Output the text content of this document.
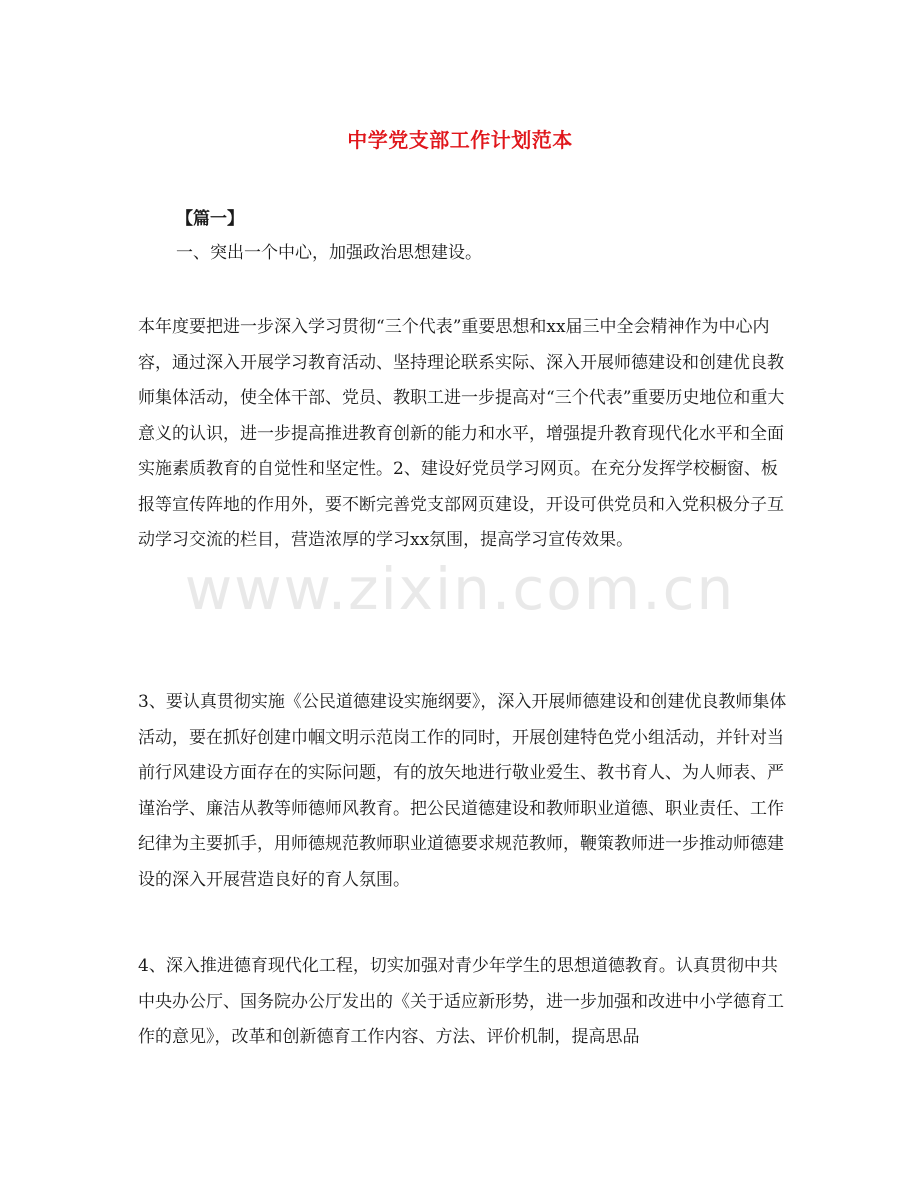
www.zixin.com.cn
中学党支部工作计划范本
【篇一】
一、突出一个中心，加强政治思想建设。

本年度要把进一步深入学习贯彻“三个代表”重要思想和xx届三中全会精神作为中心内容，通过深入开展学习教育活动、坚持理论联系实际、深入开展师德建设和创建优良教师集体活动，使全体干部、党员、教职工进一步提高对“三个代表”重要历史地位和重大意义的认识，进一步提高推进教育创新的能力和水平，增强提升教育现代化水平和全面实施素质教育的自觉性和坚定性。2、建设好党员学习网页。在充分发挥学校橱窗、板报等宣传阵地的作用外，要不断完善党支部网页建设，开设可供党员和入党积极分子互动学习交流的栏目，营造浓厚的学习xx氛围，提高学习宣传效果。

3、要认真贯彻实施《公民道德建设实施纲要》，深入开展师德建设和创建优良教师集体活动，要在抓好创建巾帼文明示范岗工作的同时，开展创建特色党小组活动，并针对当前行风建设方面存在的实际问题，有的放矢地进行敬业爱生、教书育人、为人师表、严谨治学、廉洁从教等师德师风教育。把公民道德建设和教师职业道德、职业责任、工作纪律为主要抓手，用师德规范教师职业道德要求规范教师，鞭策教师进一步推动师德建设的深入开展营造良好的育人氛围。

4、深入推进德育现代化工程，切实加强对青少年学生的思想道德教育。认真贯彻中共中央办公厅、国务院办公厅发出的《关于适应新形势，进一步加强和改进中小学德育工作的意见》，改革和创新德育工作内容、方法、评价机制，提高思品
